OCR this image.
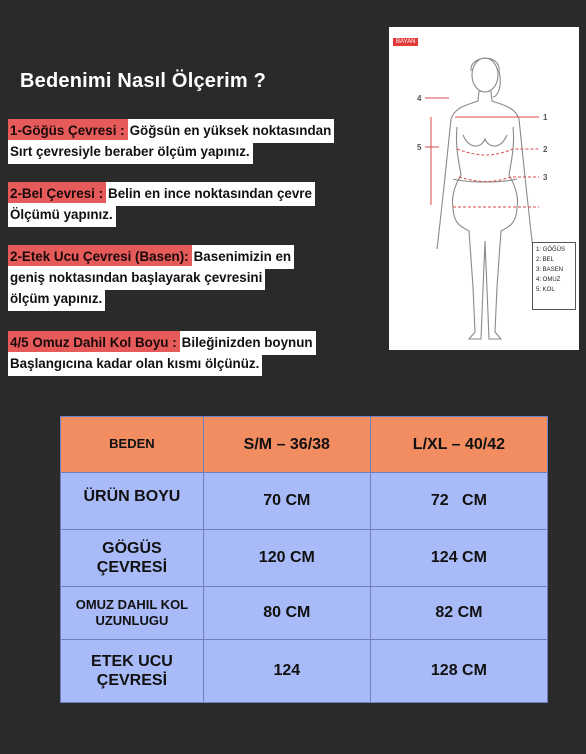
Bedenimi Nasıl Ölçerim ?
1-Göğüs Çevresi :Göğsün en yüksek noktasından
Sırt çevresiyle beraber ölçüm yapınız.
2-Bel Çevresi :Belin en ince noktasından çevre
Ölçümü yapınız.
2-Etek Ucu Çevresi (Basen):Basenimizin en
geniş noktasından başlayarak çevresini
ölçüm yapınız.
4/5 Omuz Dahil Kol Boyu :Bileğinizden boynun
Başlangıcına kadar olan kısmı ölçünüz.
BAYAN
1
2
3
4
5
1: GÖĞÜS
2: BEL
3: BASEN
4: OMUZ
5: KOL
BEDEN	S/M – 36/38	L/XL – 40/42
ÜRÜN BOYU	70 CM	72   CM
GÖGÜS
ÇEVRESİ	120 CM	124 CM
OMUZ DAHIL KOL
UZUNLUGU	80 CM	82 CM
ETEK UCU
ÇEVRESİ	124	128 CM
